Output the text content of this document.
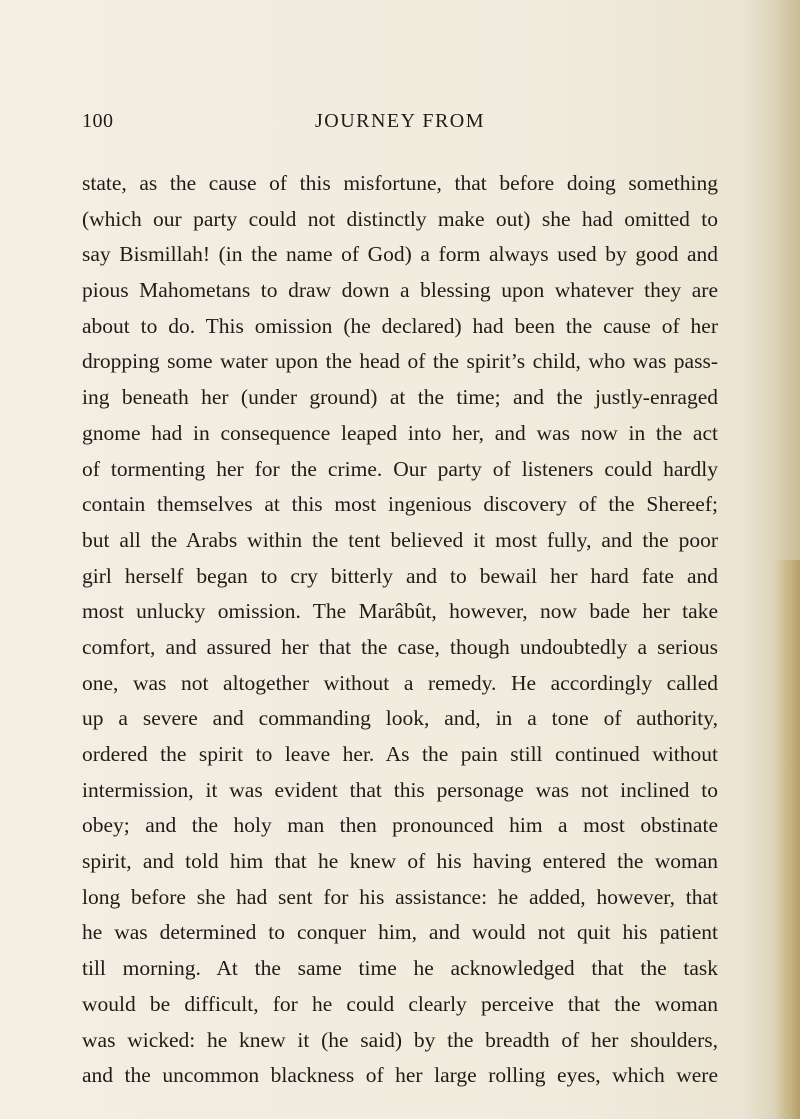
100	JOURNEY FROM
state, as the cause of this misfortune, that before doing something
(which our party could not distinctly make out) she had omitted to
say Bismillah! (in the name of God) a form always used by good and
pious Mahometans to draw down a blessing upon whatever they are
about to do. This omission (he declared) had been the cause of her
dropping some water upon the head of the spirit’s child, who was pass-
ing beneath her (under ground) at the time; and the justly-enraged
gnome had in consequence leaped into her, and was now in the act
of tormenting her for the crime. Our party of listeners could hardly
contain themselves at this most ingenious discovery of the Shereef;
but all the Arabs within the tent believed it most fully, and the poor
girl herself began to cry bitterly and to bewail her hard fate and
most unlucky omission. The Marâbût, however, now bade her take
comfort, and assured her that the case, though undoubtedly a serious
one, was not altogether without a remedy. He accordingly called
up a severe and commanding look, and, in a tone of authority,
ordered the spirit to leave her. As the pain still continued without
intermission, it was evident that this personage was not inclined to
obey; and the holy man then pronounced him a most obstinate
spirit, and told him that he knew of his having entered the woman
long before she had sent for his assistance: he added, however, that
he was determined to conquer him, and would not quit his patient
till morning. At the same time he acknowledged that the task
would be difficult, for he could clearly perceive that the woman
was wicked: he knew it (he said) by the breadth of her shoulders,
and the uncommon blackness of her large rolling eyes, which were
